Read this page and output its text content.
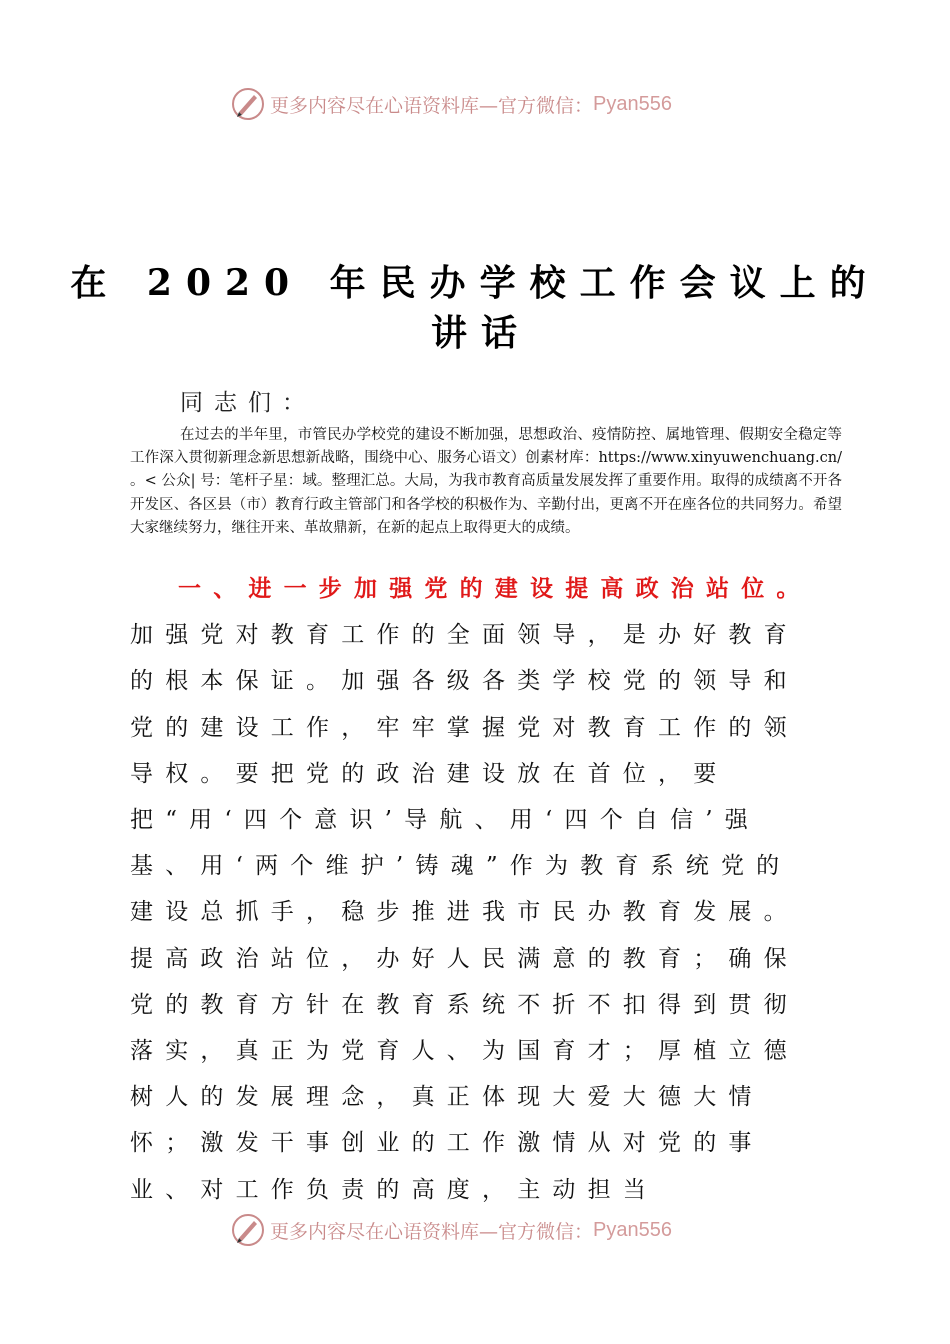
更多内容尽在心语资料库—官方微信： Pyan556
在 2020 年民办学校工作会议上的
讲话
同志们：

在过去的半年里，市管民办学校党的建设不断加强，思想政治、疫情防控、属地管理、假期安全稳定等工作深入贯彻新理念新思想新战略，围绕中心、服务心语文）创素材库：https://www.xinyuwenchuang.cn/ 。< 公众| 号：笔杆子星：域。整理汇总。大局，为我市教育高质量发展发挥了重要作用。取得的成绩离不开各开发区、各区县（市）教育行政主管部门和各学校的积极作为、辛勤付出，更离不开在座各位的共同努力。希望大家继续努力，继往开来、革故鼎新，在新的起点上取得更大的成绩。

一、进一步加强党的建设提高政治站位。加强党对教育工作的全面领导，是办好教育的根本保证。加强各级各类学校党的领导和党的建设工作，牢牢掌握党对教育工作的领导权。要把党的政治建设放在首位，要把“用‘四个意识’导航、用‘四个自信’强基、用‘两个维护’铸魂”作为教育系统党的建设总抓手，稳步推进我市民办教育发展。提高政治站位，办好人民满意的教育；确保党的教育方针在教育系统不折不扣得到贯彻落实，真正为党育人、为国育才；厚植立德树人的发展理念，真正体现大爱大德大情怀；激发干事创业的工作激情从对党的事业、对工作负责的高度，主动担当

更多内容尽在心语资料库—官方微信： Pyan556
